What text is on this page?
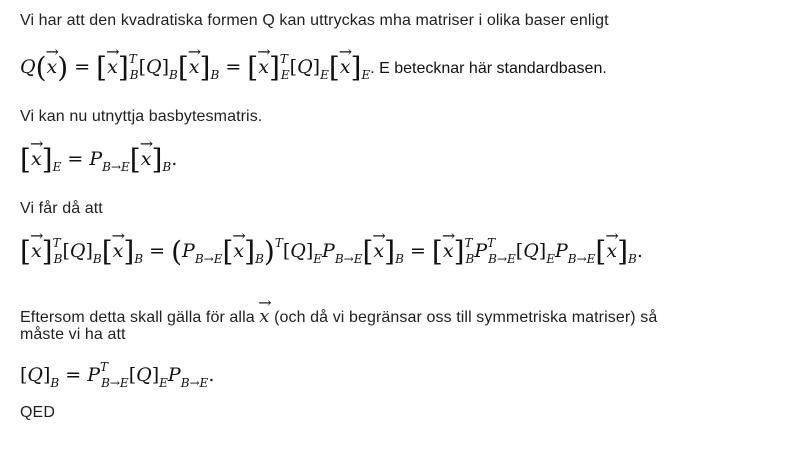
Vi har att den kvadratiska formen Q kan uttryckas mha matriser i olika baser enligt

Q(→ x) = [→ $x]^T_B[Q]_B[\to x]_B$ = [→ $x]^T_E[Q]_E[\to x]_E$. E betecknar här standardbasen.

Vi kan nu utnyttja basbytesmatris.

[→ $x]_E = P_{B\to E}[\to x]_B$.

Vi får då att

[→ $x]^T_B[Q]_B[\to x]_B = (P_{B\to E}[\to x]_B)^T[Q]_EP_{B\to E}[\to x]_B$ = [→ $x]^T_BP^T_{B\to E}[Q]_EP_{B\to E}[\to x]_B$.

Eftersom detta skall gälla för alla → x (och då vi begränsar oss till symmetriska matriser) så

måste vi ha att

$[Q]_B = P^T_{B\to E}[Q]_EP_{B\to E}$.

QED
